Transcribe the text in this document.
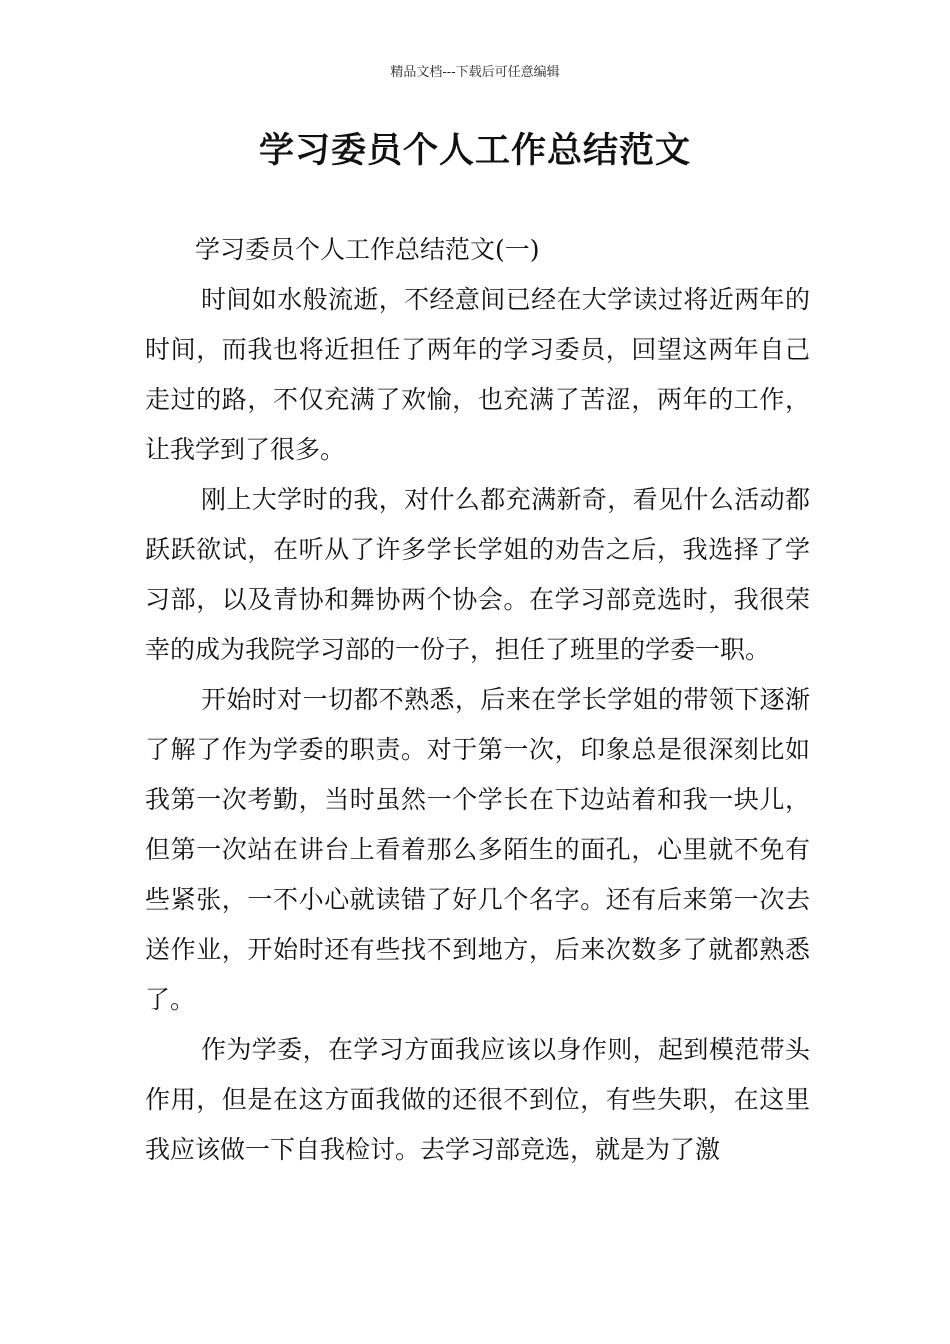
精品文档---下载后可任意编辑
学习委员个人工作总结范文

学习委员个人工作总结范文(一)

时间如水般流逝，不经意间已经在大学读过将近两年的时间，而我也将近担任了两年的学习委员，回望这两年自己走过的路，不仅充满了欢愉，也充满了苦涩，两年的工作，让我学到了很多。

刚上大学时的我，对什么都充满新奇，看见什么活动都跃跃欲试，在听从了许多学长学姐的劝告之后，我选择了学习部，以及青协和舞协两个协会。在学习部竞选时，我很荣幸的成为我院学习部的一份子，担任了班里的学委一职。

开始时对一切都不熟悉，后来在学长学姐的带领下逐渐了解了作为学委的职责。对于第一次，印象总是很深刻比如我第一次考勤，当时虽然一个学长在下边站着和我一块儿，但第一次站在讲台上看着那么多陌生的面孔，心里就不免有些紧张，一不小心就读错了好几个名字。还有后来第一次去送作业，开始时还有些找不到地方，后来次数多了就都熟悉了。

作为学委，在学习方面我应该以身作则，起到模范带头作用，但是在这方面我做的还很不到位，有些失职，在这里我应该做一下自我检讨。去学习部竞选，就是为了激
